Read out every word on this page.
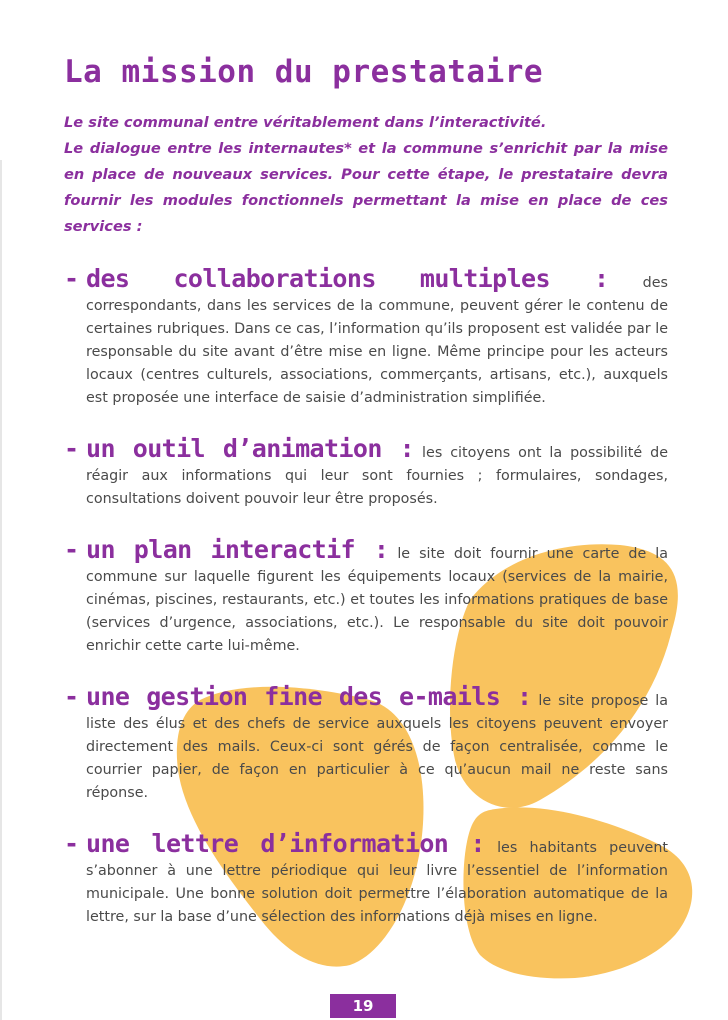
La mission du prestataire

Le site communal entre véritablement dans l’interactivité.

Le dialogue entre les internautes* et la commune s’enrichit par la mise en place de nouveaux services. Pour cette étape, le prestataire devra fournir les modules fonctionnels permettant la mise en place de ces services :

- des collaborations multiples : des correspondants, dans les services de la commune, peuvent gérer le contenu de certaines rubriques. Dans ce cas, l’information qu’ils proposent est validée par le responsable du site avant d’être mise en ligne. Même principe pour les acteurs locaux (centres culturels, associations, commerçants, artisans, etc.), auxquels est proposée une interface de saisie d’administration simplifiée.
- un outil d’animation : les citoyens ont la possibilité de réagir aux informations qui leur sont fournies ; formulaires, sondages, consultations doivent pouvoir leur être proposés.
- un plan interactif : le site doit fournir une carte de la commune sur laquelle figurent les équipements locaux (services de la mairie, cinémas, piscines, restaurants, etc.) et toutes les informations pratiques de base (services d’urgence, associations, etc.). Le responsable du site doit pouvoir enrichir cette carte lui-même.
- une gestion fine des e-mails : le site propose la liste des élus et des chefs de service auxquels les citoyens peuvent envoyer directement des mails. Ceux-ci sont gérés de façon centralisée, comme le courrier papier, de façon en particulier à ce qu’aucun mail ne reste sans réponse.
- une lettre d’information : les habitants peuvent s’abonner à une lettre périodique qui leur livre l’essentiel de l’information municipale. Une bonne solution doit permettre l’élaboration automatique de la lettre, sur la base d’une sélection des informations déjà mises en ligne.
19
